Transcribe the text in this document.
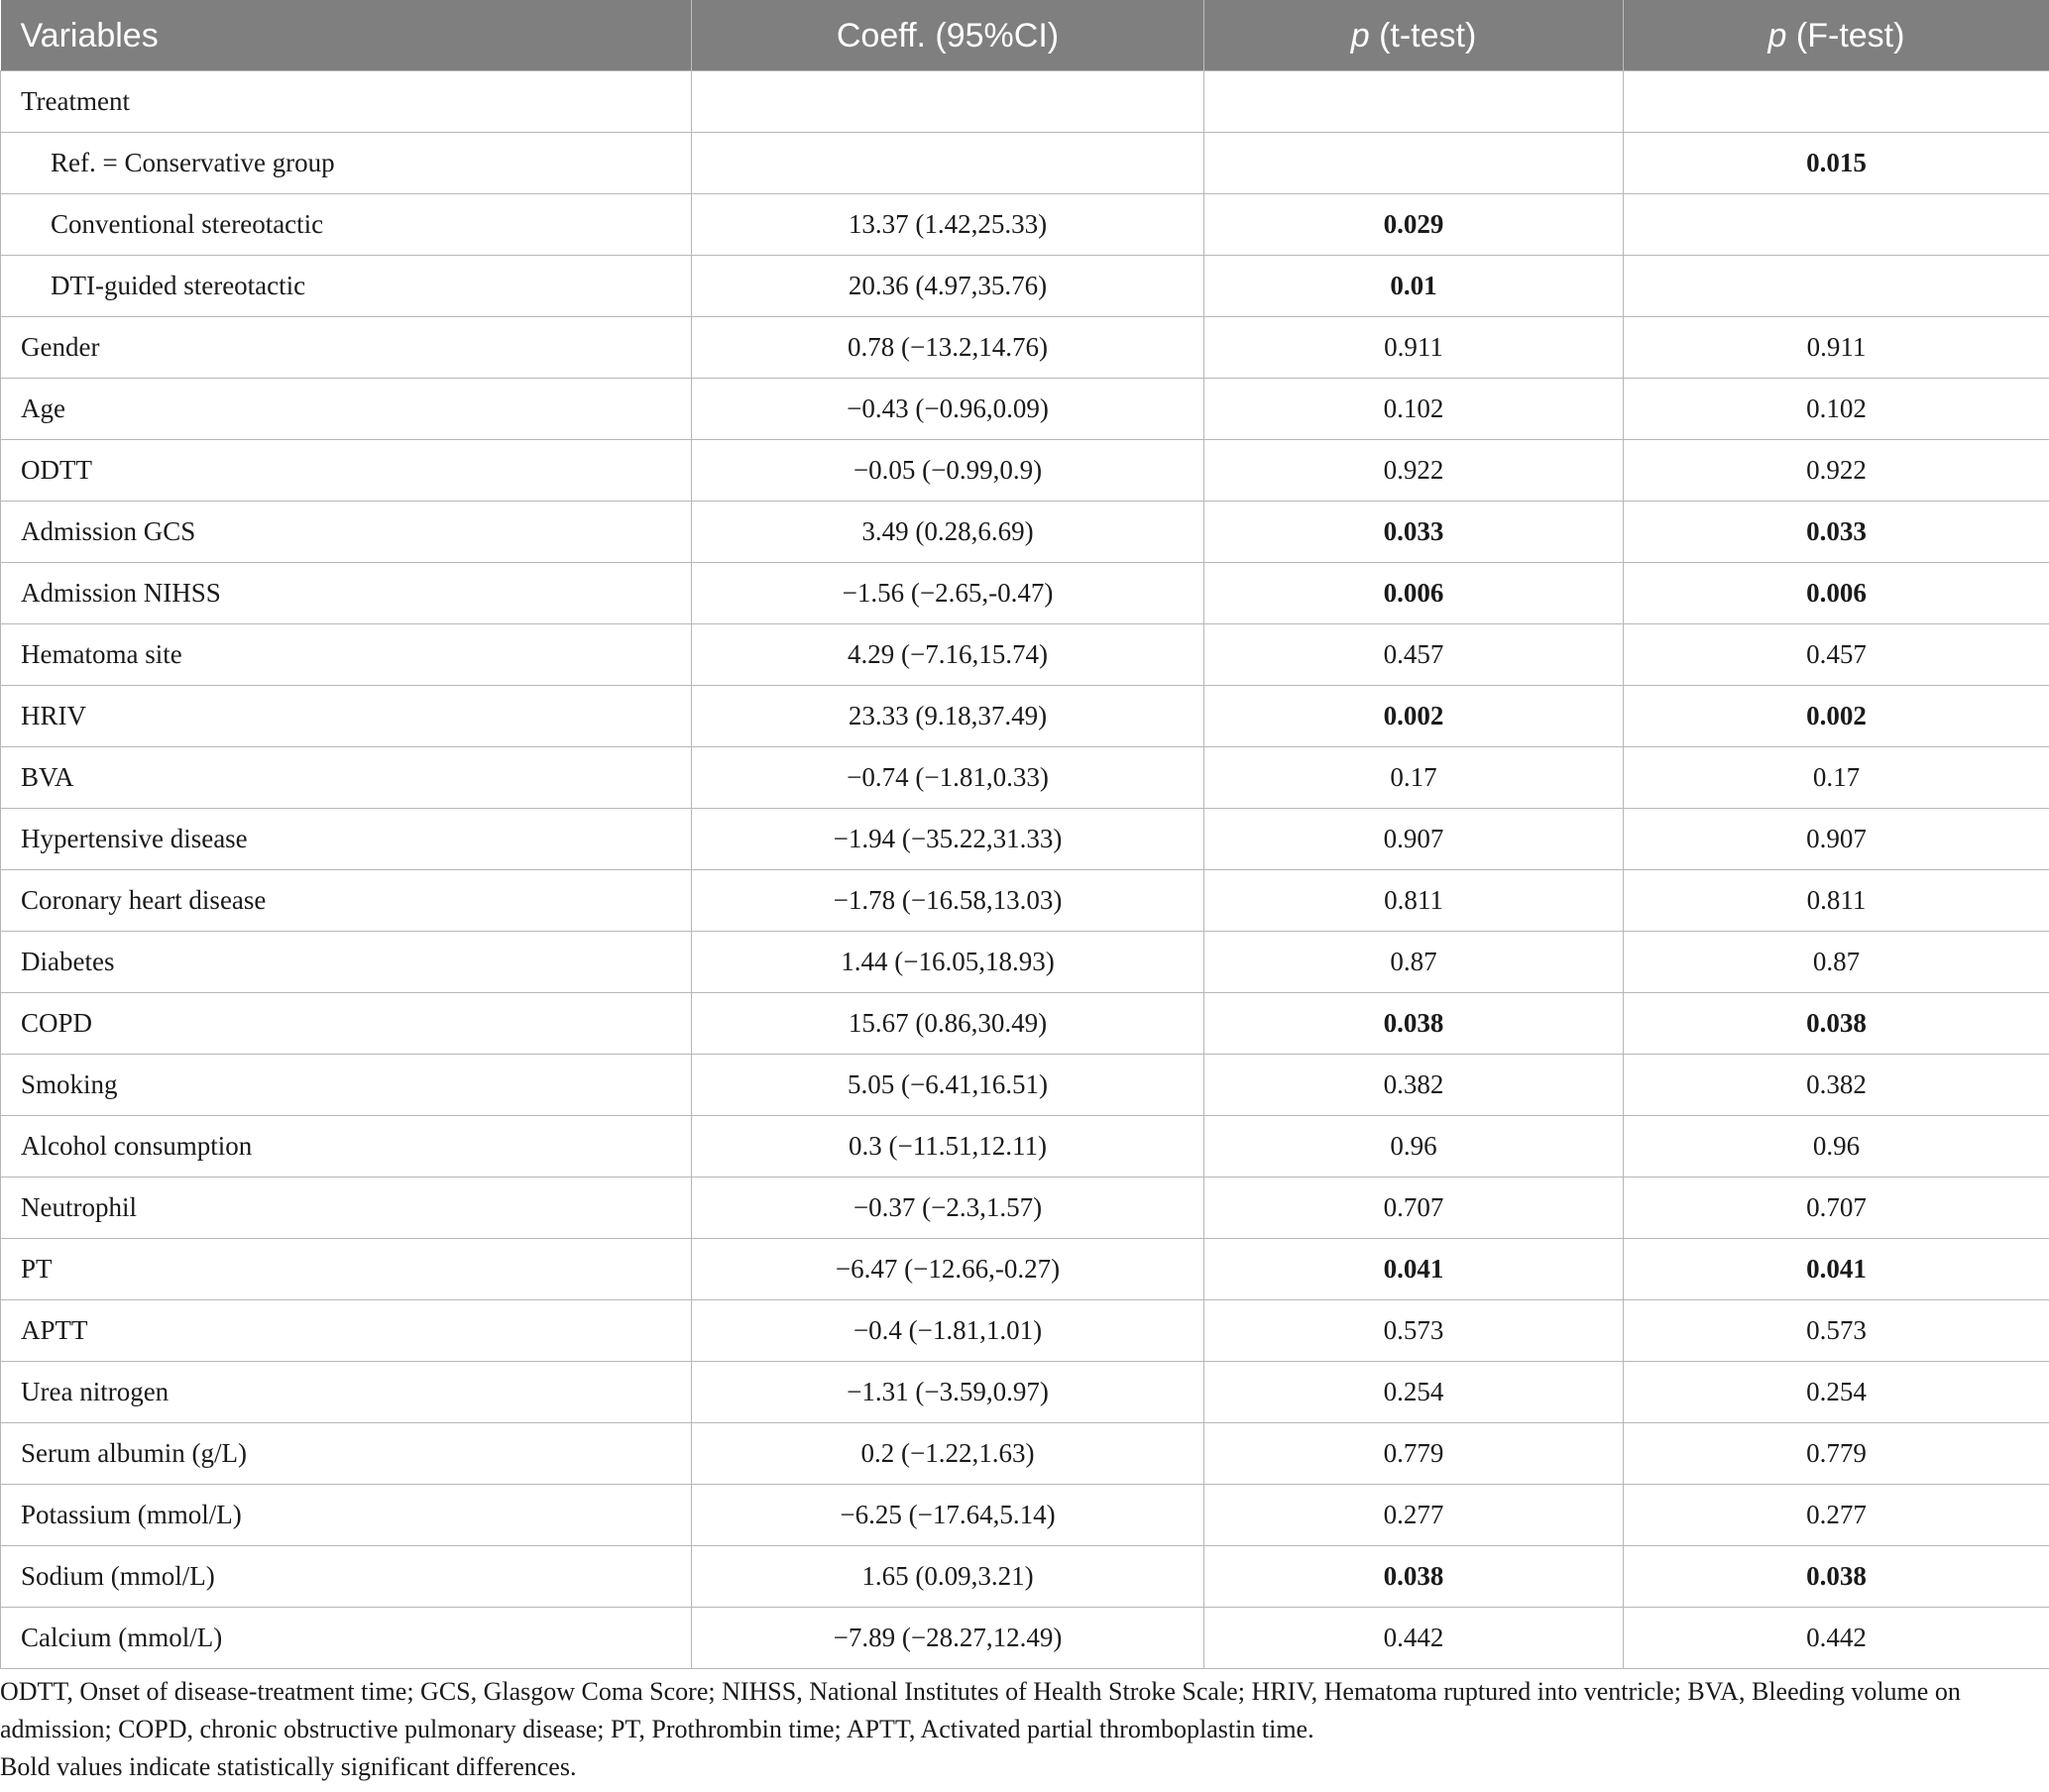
Variables	Coeff. (95%CI)	p (t-test)	p (F-test)
Treatment			
Ref. = Conservative group			0.015
Conventional stereotactic	13.37 (1.42,25.33)	0.029	
DTI-guided stereotactic	20.36 (4.97,35.76)	0.01	
Gender	0.78 (−13.2,14.76)	0.911	0.911
Age	−0.43 (−0.96,0.09)	0.102	0.102
ODTT	−0.05 (−0.99,0.9)	0.922	0.922
Admission GCS	3.49 (0.28,6.69)	0.033	0.033
Admission NIHSS	−1.56 (−2.65,-0.47)	0.006	0.006
Hematoma site	4.29 (−7.16,15.74)	0.457	0.457
HRIV	23.33 (9.18,37.49)	0.002	0.002
BVA	−0.74 (−1.81,0.33)	0.17	0.17
Hypertensive disease	−1.94 (−35.22,31.33)	0.907	0.907
Coronary heart disease	−1.78 (−16.58,13.03)	0.811	0.811
Diabetes	1.44 (−16.05,18.93)	0.87	0.87
COPD	15.67 (0.86,30.49)	0.038	0.038
Smoking	5.05 (−6.41,16.51)	0.382	0.382
Alcohol consumption	0.3 (−11.51,12.11)	0.96	0.96
Neutrophil	−0.37 (−2.3,1.57)	0.707	0.707
PT	−6.47 (−12.66,-0.27)	0.041	0.041
APTT	−0.4 (−1.81,1.01)	0.573	0.573
Urea nitrogen	−1.31 (−3.59,0.97)	0.254	0.254
Serum albumin (g/L)	0.2 (−1.22,1.63)	0.779	0.779
Potassium (mmol/L)	−6.25 (−17.64,5.14)	0.277	0.277
Sodium (mmol/L)	1.65 (0.09,3.21)	0.038	0.038
Calcium (mmol/L)	−7.89 (−28.27,12.49)	0.442	0.442

ODTT, Onset of disease-treatment time; GCS, Glasgow Coma Score; NIHSS, National Institutes of Health Stroke Scale; HRIV, Hematoma ruptured into ventricle; BVA, Bleeding volume on admission; COPD, chronic obstructive pulmonary disease; PT, Prothrombin time; APTT, Activated partial thromboplastin time.

Bold values indicate statistically significant differences.
